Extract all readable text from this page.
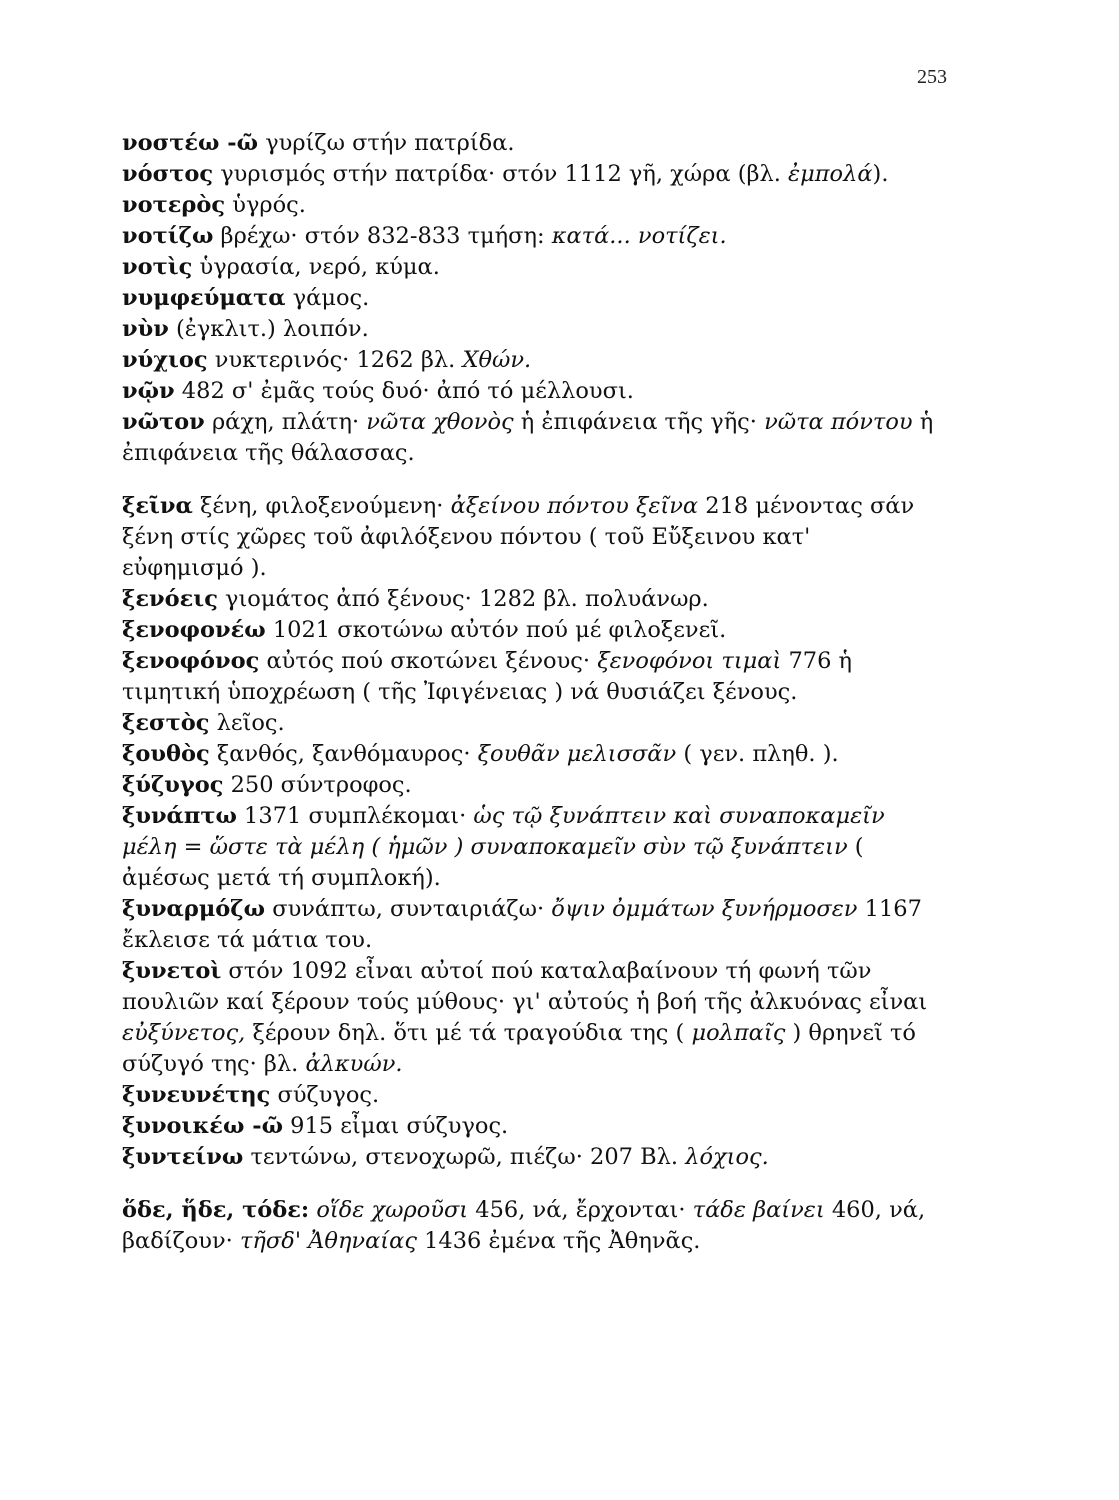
253

νοστέω -ῶ γυρίζω στήν πατρίδα.

νόστος γυρισμός στήν πατρίδα· στόν 1112 γῆ, χώρα (βλ. ἐμπολά).

νοτερὸς ὑγρός.

νοτίζω βρέχω· στόν 832-833 τμήση: κατά... νοτίζει.

νοτὶς ὑγρασία, νερό, κύμα.

νυμφεύματα γάμος.

νὺν (ἐγκλιτ.) λοιπόν.

νύχιος νυκτερινός· 1262 βλ. Χθών.

νῷν 482 σ' ἐμᾶς τούς δυό· ἀπό τό μέλλουσι.

νῶτον ράχη, πλάτη· νῶτα χθονὸς ἡ ἐπιφάνεια τῆς γῆς· νῶτα πόντου ἡ ἐπιφάνεια τῆς θάλασσας.

ξεῖνα ξένη, φιλοξενούμενη· ἀξείνου πόντου ξεῖνα 218 μένοντας σάν ξένη στίς χῶρες τοῦ ἀφιλόξενου πόντου ( τοῦ Εὔξεινου κατ' εὐφημισμό ).

ξενόεις γιομάτος ἀπό ξένους· 1282 βλ. πολυάνωρ.

ξενοφονέω 1021 σκοτώνω αὐτόν πού μέ φιλοξενεῖ.

ξενοφόνος αὐτός πού σκοτώνει ξένους· ξενοφόνοι τιμαὶ 776 ἡ τιμητική ὑποχρέωση ( τῆς Ἰφιγένειας ) νά θυσιάζει ξένους.

ξεστὸς λεῖος.

ξουθὸς ξανθός, ξανθόμαυρος· ξουθᾶν μελισσᾶν ( γεν. πληθ. ).

ξύζυγος 250 σύντροφος.

ξυνάπτω 1371 συμπλέκομαι· ὡς τῷ ξυνάπτειν καὶ συναποκαμεῖν μέλη = ὥστε τὰ μέλη ( ἡμῶν ) συναποκαμεῖν σὺν τῷ ξυνάπτειν ( ἀμέσως μετά τή συμπλοκή).

ξυναρμόζω συνάπτω, συνταιριάζω· ὄψιν ὀμμάτων ξυνήρμοσεν 1167 ἔκλεισε τά μάτια του.

ξυνετοὶ στόν 1092 εἶναι αὐτοί πού καταλαβαίνουν τή φωνή τῶν πουλιῶν καί ξέρουν τούς μύθους· γι' αὐτούς ἡ βοή τῆς ἀλκυόνας εἶναι εὐξύνετος, ξέρουν δηλ. ὅτι μέ τά τραγούδια της ( μολπαῖς ) θρηνεῖ τό σύζυγό της· βλ. ἀλκυών.

ξυνευνέτης σύζυγος.

ξυνοικέω -ῶ 915 εἶμαι σύζυγος.

ξυντείνω τεντώνω, στενοχωρῶ, πιέζω· 207 Βλ. λόχιος.

ὅδε, ἥδε, τόδε: οἵδε χωροῦσι 456, νά, ἔρχονται· τάδε βαίνει 460, νά, βαδίζουν· τῆσδ' Ἀθηναίας 1436 ἐμένα τῆς Ἀθηνᾶς.
